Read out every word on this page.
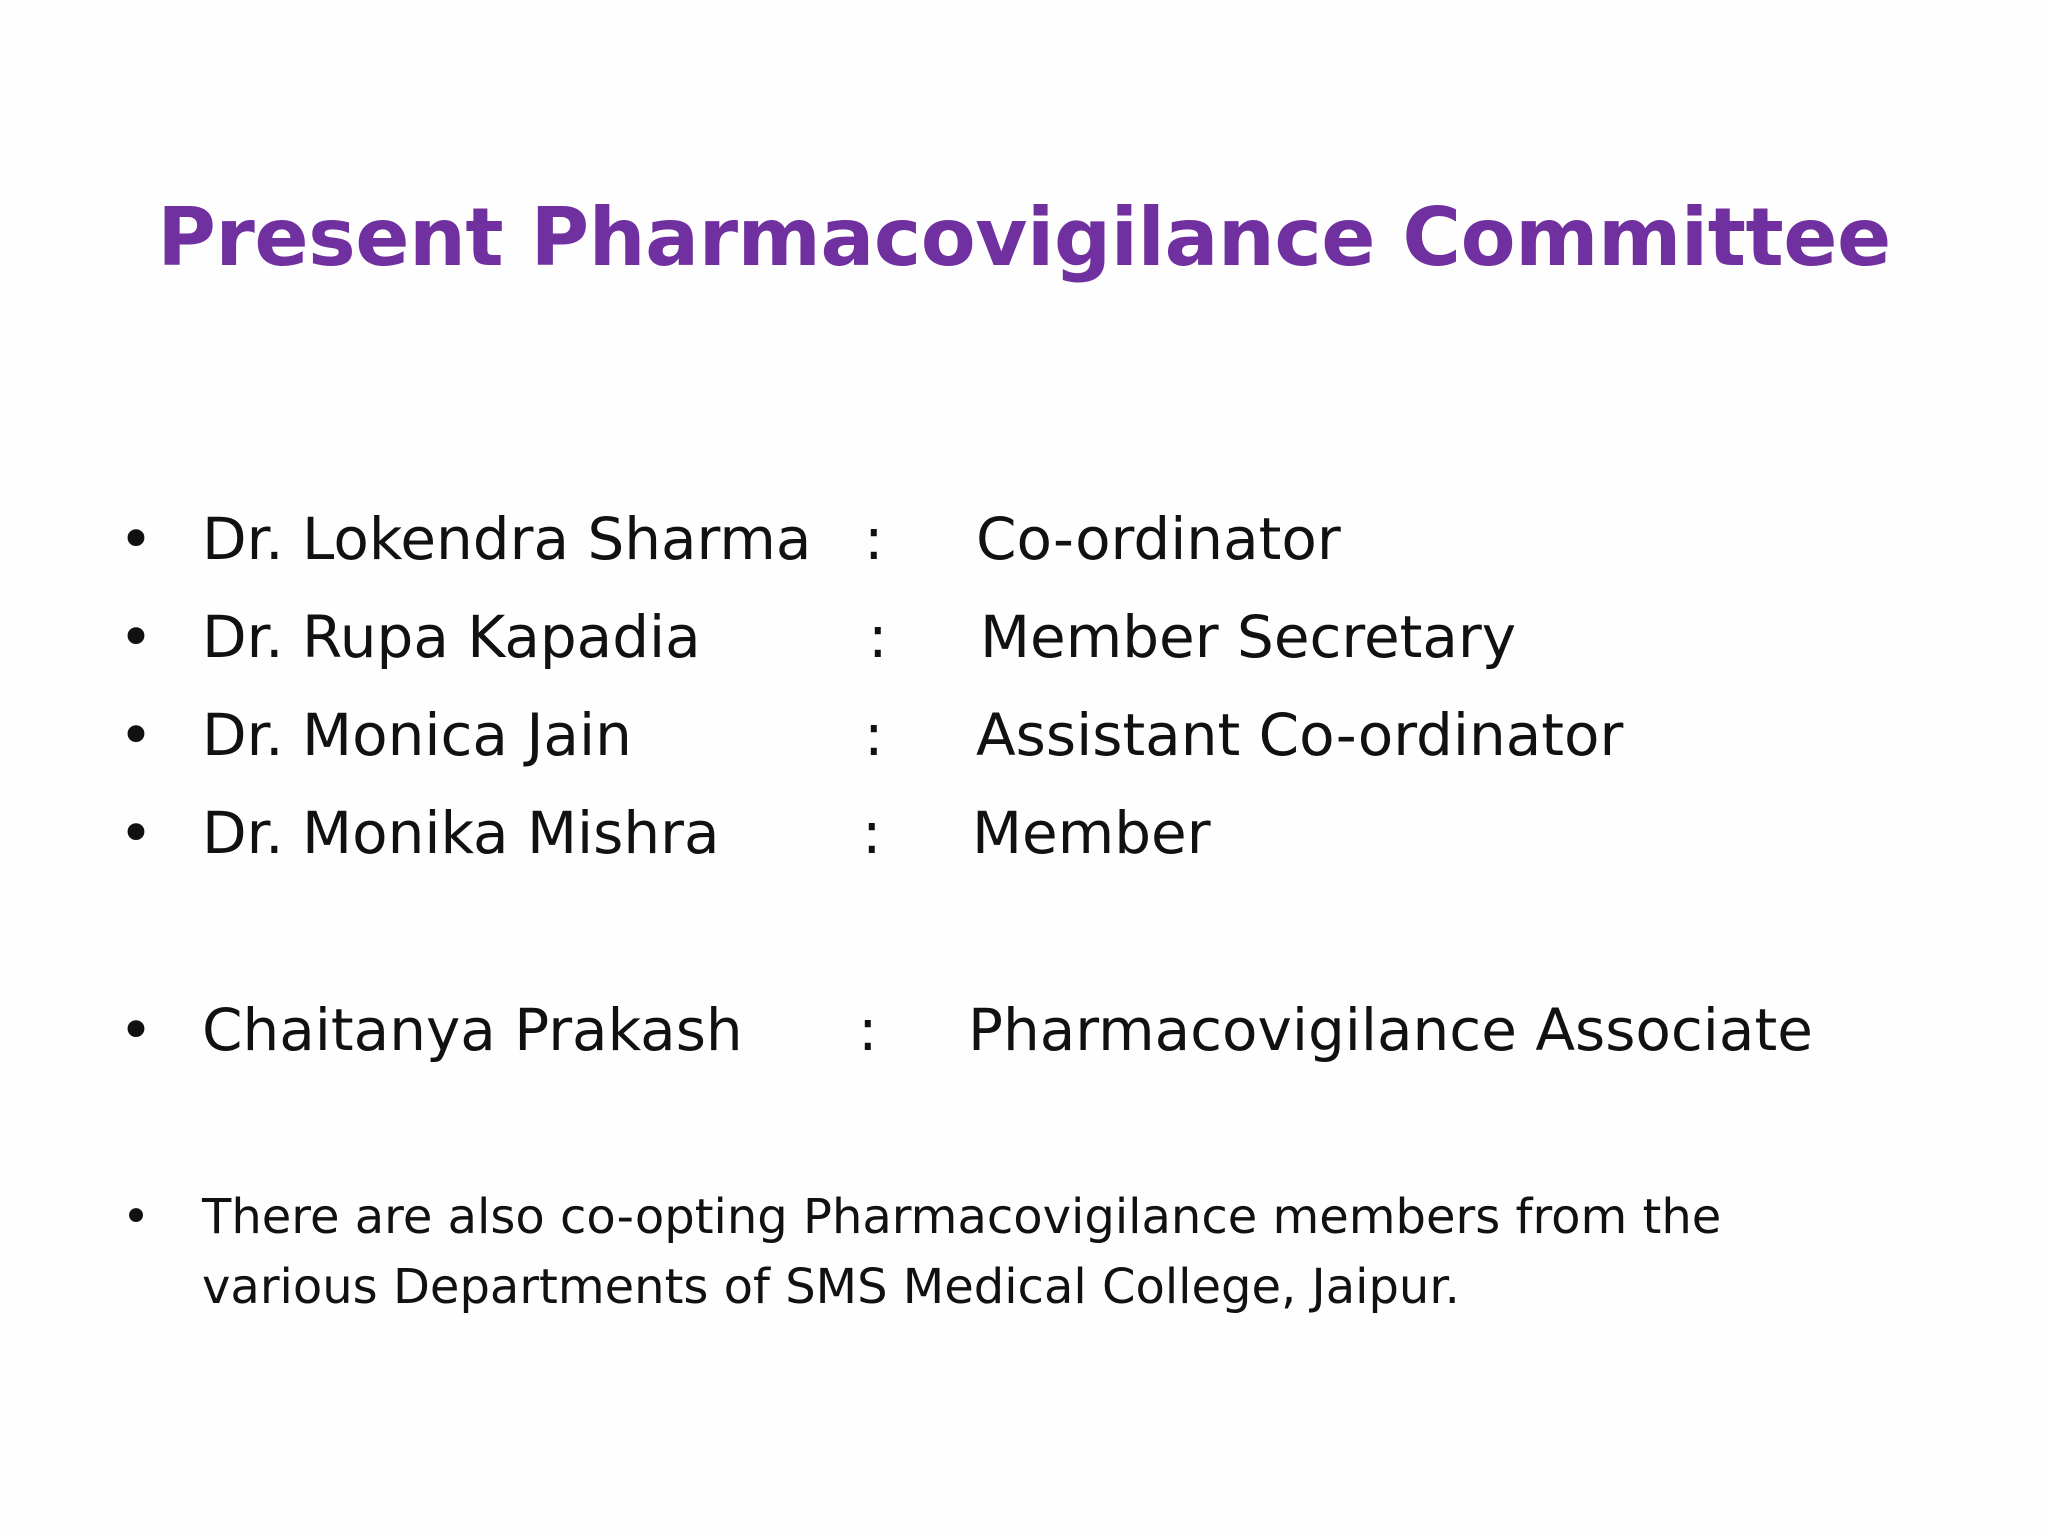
Present Pharmacovigilance Committee
• Dr. Lokendra Sharma : Co-ordinator
• Dr. Rupa Kapadia	: Member Secretary
• Dr. Monica Jain	: Assistant Co-ordinator
• Dr. Monika Mishra : Member
• Chaitanya Prakash : Pharmacovigilance Associate
• There are also co-opting Pharmacovigilance members from the various Departments of SMS Medical College, Jaipur.
